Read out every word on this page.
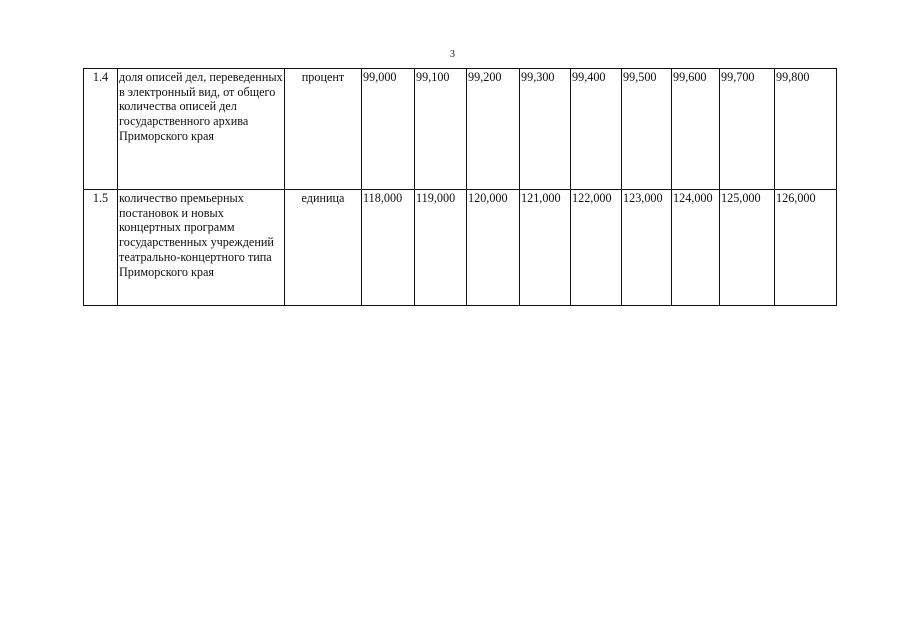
3
1.4	доля описей дел, переведенных в электронный вид, от общего количества описей дел государственного архива Приморского края	процент	99,000	99,100	99,200	99,300	99,400	99,500	99,600	99,700	99,800
1.5	количество премьерных постановок и новых концертных программ государственных учреждений театрально-концертного типа Приморского края	единица	118,000	119,000	120,000	121,000	122,000	123,000	124,000	125,000	126,000
